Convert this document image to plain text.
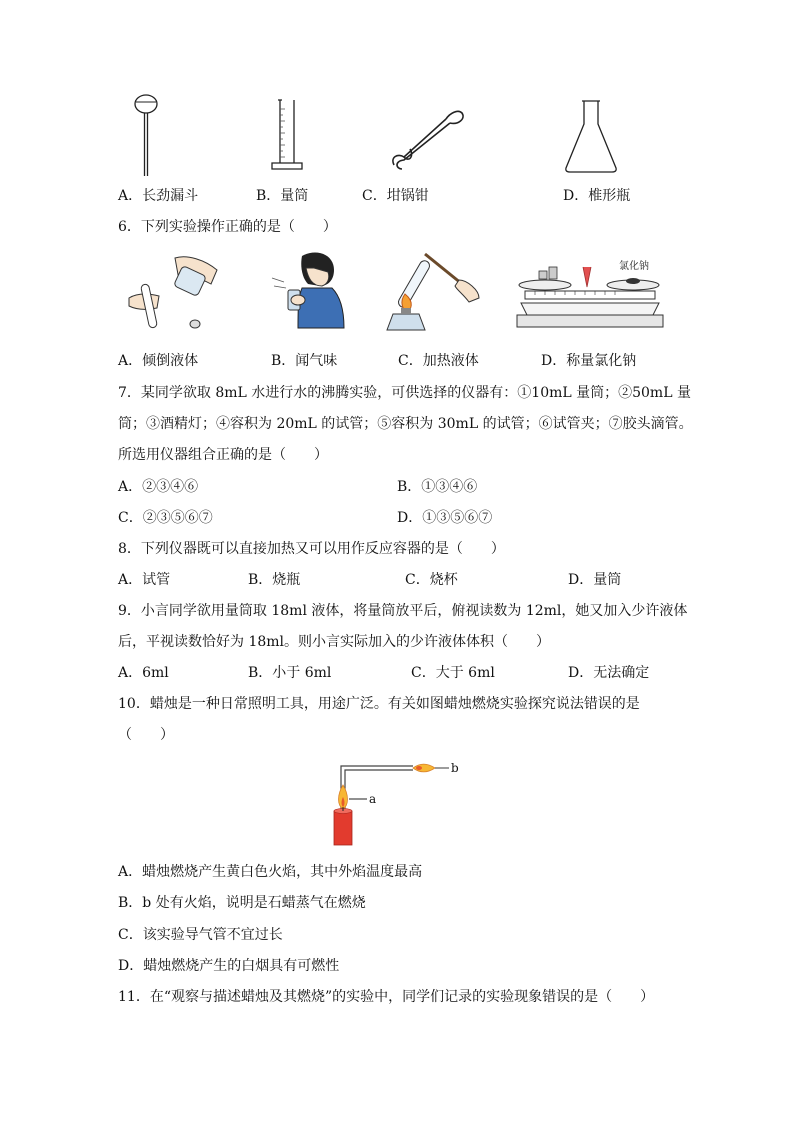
A．长劲漏斗	B．量筒	C．坩锅钳	D．椎形瓶
6．下列实验操作正确的是（　　）
氯化钠
A．倾倒液体	B．闻气味	C．加热液体	D．称量氯化钠
7．某同学欲取 8mL 水进行水的沸腾实验，可供选择的仪器有：①10mL 量筒；②50mL 量
筒；③酒精灯；④容积为 20mL 的试管；⑤容积为 30mL 的试管；⑥试管夹；⑦胶头滴管。
所选用仪器组合正确的是（　　）
A．②③④⑥	B．①③④⑥
C．②③⑤⑥⑦	D．①③⑤⑥⑦
8．下列仪器既可以直接加热又可以用作反应容器的是（　　）
A．试管	B．烧瓶	C．烧杯	D．量筒
9．小言同学欲用量筒取 18ml 液体，将量筒放平后，俯视读数为 12ml，她又加入少许液体
后，平视读数恰好为 18ml。则小言实际加入的少许液体体积（　　）
A．6ml	B．小于 6ml	C．大于 6ml	D．无法确定
10．蜡烛是一种日常照明工具，用途广泛。有关如图蜡烛燃烧实验探究说法错误的是
（　　）
b
a
A．蜡烛燃烧产生黄白色火焰，其中外焰温度最高
B．b 处有火焰，说明是石蜡蒸气在燃烧
C．该实验导气管不宜过长
D．蜡烛燃烧产生的白烟具有可燃性
11．在“观察与描述蜡烛及其燃烧”的实验中，同学们记录的实验现象错误的是（　　）
